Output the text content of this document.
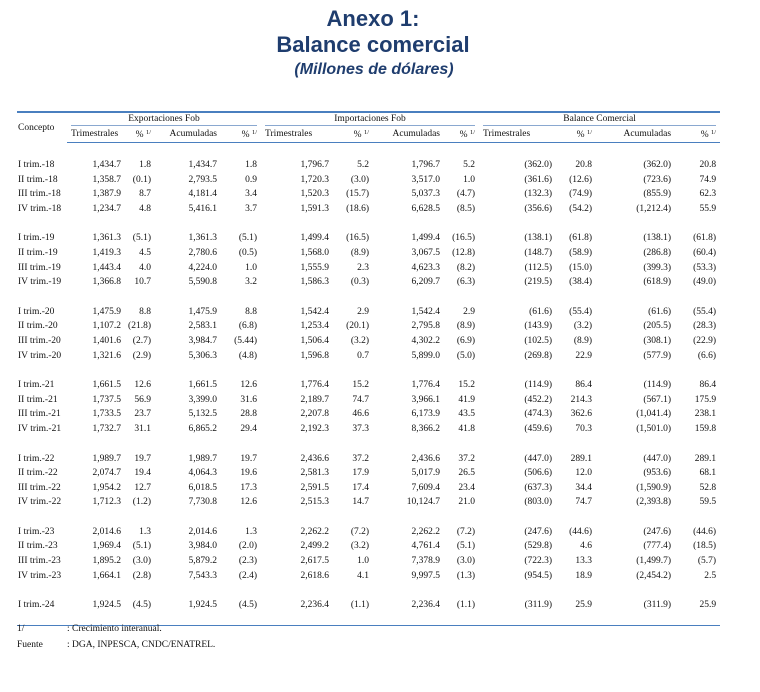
Anexo 1:
Balance comercial
(Millones de dólares)
Concepto	Exportaciones Fob				Importaciones Fob				Balance Comercial			

	Trimestrales	% $^{1/}$	Acumuladas	% $^{1/}$	Trimestrales	% $^{1/}$	Acumuladas	% $^{1/}$	Trimestrales	% $^{1/}$	Acumuladas	% $^{1/}$

I trim.-18	1,434.7	1.8	1,434.7	1.8	1,796.7	5.2	1,796.7	5.2	(362.0)	20.8	(362.0)	20.8
II trim.-18	1,358.7	(0.1)	2,793.5	0.9	1,720.3	(3.0)	3,517.0	1.0	(361.6)	(12.6)	(723.6)	74.9
III trim.-18	1,387.9	8.7	4,181.4	3.4	1,520.3	(15.7)	5,037.3	(4.7)	(132.3)	(74.9)	(855.9)	62.3
IV trim.-18	1,234.7	4.8	5,416.1	3.7	1,591.3	(18.6)	6,628.5	(8.5)	(356.6)	(54.2)	(1,212.4)	55.9

I trim.-19	1,361.3	(5.1)	1,361.3	(5.1)	1,499.4	(16.5)	1,499.4	(16.5)	(138.1)	(61.8)	(138.1)	(61.8)
II trim.-19	1,419.3	4.5	2,780.6	(0.5)	1,568.0	(8.9)	3,067.5	(12.8)	(148.7)	(58.9)	(286.8)	(60.4)
III trim.-19	1,443.4	4.0	4,224.0	1.0	1,555.9	2.3	4,623.3	(8.2)	(112.5)	(15.0)	(399.3)	(53.3)
IV trim.-19	1,366.8	10.7	5,590.8	3.2	1,586.3	(0.3)	6,209.7	(6.3)	(219.5)	(38.4)	(618.9)	(49.0)

I trim.-20	1,475.9	8.8	1,475.9	8.8	1,542.4	2.9	1,542.4	2.9	(61.6)	(55.4)	(61.6)	(55.4)
II trim.-20	1,107.2	(21.8)	2,583.1	(6.8)	1,253.4	(20.1)	2,795.8	(8.9)	(143.9)	(3.2)	(205.5)	(28.3)
III trim.-20	1,401.6	(2.7)	3,984.7	(5.44)	1,506.4	(3.2)	4,302.2	(6.9)	(102.5)	(8.9)	(308.1)	(22.9)
IV trim.-20	1,321.6	(2.9)	5,306.3	(4.8)	1,596.8	0.7	5,899.0	(5.0)	(269.8)	22.9	(577.9)	(6.6)

I trim.-21	1,661.5	12.6	1,661.5	12.6	1,776.4	15.2	1,776.4	15.2	(114.9)	86.4	(114.9)	86.4
II trim.-21	1,737.5	56.9	3,399.0	31.6	2,189.7	74.7	3,966.1	41.9	(452.2)	214.3	(567.1)	175.9
III trim.-21	1,733.5	23.7	5,132.5	28.8	2,207.8	46.6	6,173.9	43.5	(474.3)	362.6	(1,041.4)	238.1
IV trim.-21	1,732.7	31.1	6,865.2	29.4	2,192.3	37.3	8,366.2	41.8	(459.6)	70.3	(1,501.0)	159.8

I trim.-22	1,989.7	19.7	1,989.7	19.7	2,436.6	37.2	2,436.6	37.2	(447.0)	289.1	(447.0)	289.1
II trim.-22	2,074.7	19.4	4,064.3	19.6	2,581.3	17.9	5,017.9	26.5	(506.6)	12.0	(953.6)	68.1
III trim.-22	1,954.2	12.7	6,018.5	17.3	2,591.5	17.4	7,609.4	23.4	(637.3)	34.4	(1,590.9)	52.8
IV trim.-22	1,712.3	(1.2)	7,730.8	12.6	2,515.3	14.7	10,124.7	21.0	(803.0)	74.7	(2,393.8)	59.5

I trim.-23	2,014.6	1.3	2,014.6	1.3	2,262.2	(7.2)	2,262.2	(7.2)	(247.6)	(44.6)	(247.6)	(44.6)
II trim.-23	1,969.4	(5.1)	3,984.0	(2.0)	2,499.2	(3.2)	4,761.4	(5.1)	(529.8)	4.6	(777.4)	(18.5)
III trim.-23	1,895.2	(3.0)	5,879.2	(2.3)	2,617.5	1.0	7,378.9	(3.0)	(722.3)	13.3	(1,499.7)	(5.7)
IV trim.-23	1,664.1	(2.8)	7,543.3	(2.4)	2,618.6	4.1	9,997.5	(1.3)	(954.5)	18.9	(2,454.2)	2.5

I trim.-24	1,924.5	(4.5)	1,924.5	(4.5)	2,236.4	(1.1)	2,236.4	(1.1)	(311.9)	25.9	(311.9)	25.9

1/	: Crecimiento interanual.
Fuente	: DGA, INPESCA, CNDC/ENATREL.
